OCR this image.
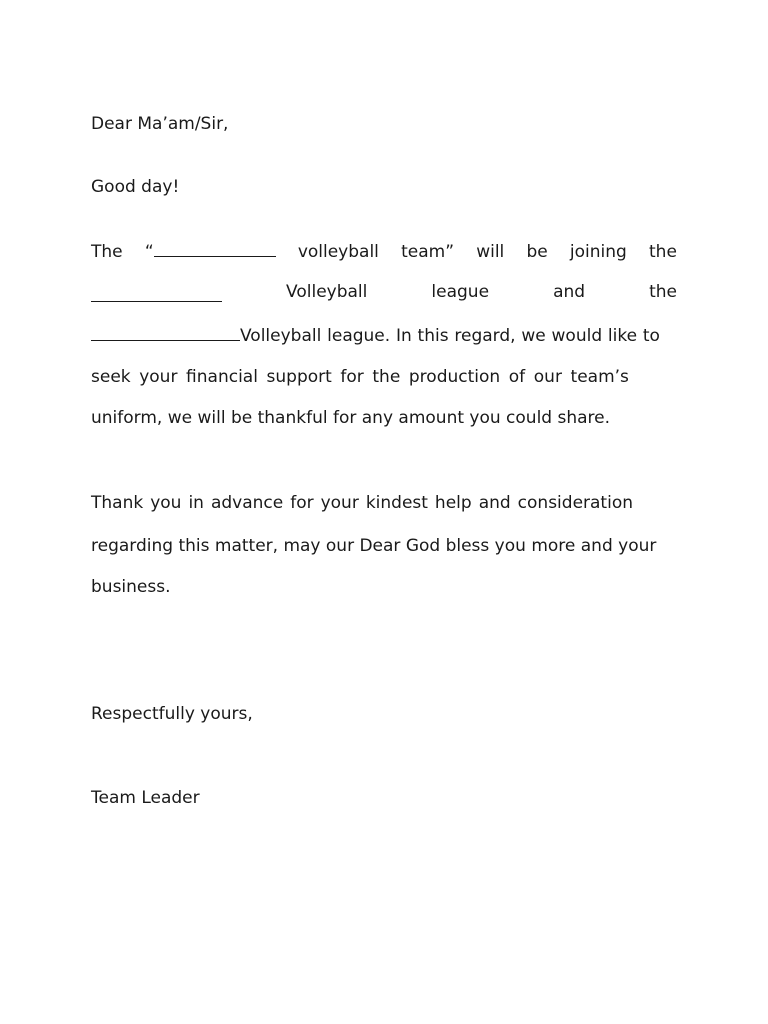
Dear Ma’am/Sir,
Good day!
The “	volleyball team” will be joining the
Volleyball	league	and	the
Volleyball league. In this regard, we would like to
seek your financial support for the production of our team’s
uniform, we will be thankful for any amount you could share.
Thank you in advance for your kindest help and consideration
regarding this matter, may our Dear God bless you more and your
business.
Respectfully yours,
Team Leader
